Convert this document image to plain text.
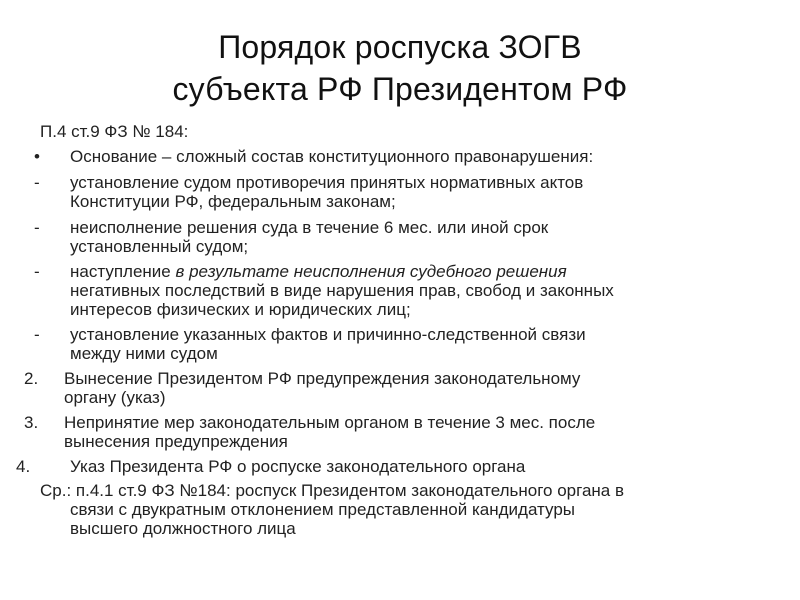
Порядок роспуска ЗОГВ
субъекта РФ Президентом РФ
П.4 ст.9 ФЗ № 184:
• Основание – сложный состав конституционного правонарушения:
- установление судом противоречия принятых нормативных актов
Конституции РФ, федеральным законам;
- неисполнение решения суда в течение 6 мес. или иной срок
установленный судом;
- наступление в результате неисполнения судебного решения
негативных последствий в виде нарушения прав, свобод и законных
интересов физических и юридических лиц;
- установление указанных фактов и причинно-следственной связи
между ними судом
2. Вынесение Президентом РФ предупреждения законодательному
органу (указ)
3. Непринятие мер законодательным органом в течение 3 мес. после
вынесения предупреждения
4. Указ Президента РФ о роспуске законодательного органа
Ср.: п.4.1 ст.9 ФЗ №184: роспуск Президентом законодательного органа в
связи с двукратным отклонением представленной кандидатуры
высшего должностного лица
